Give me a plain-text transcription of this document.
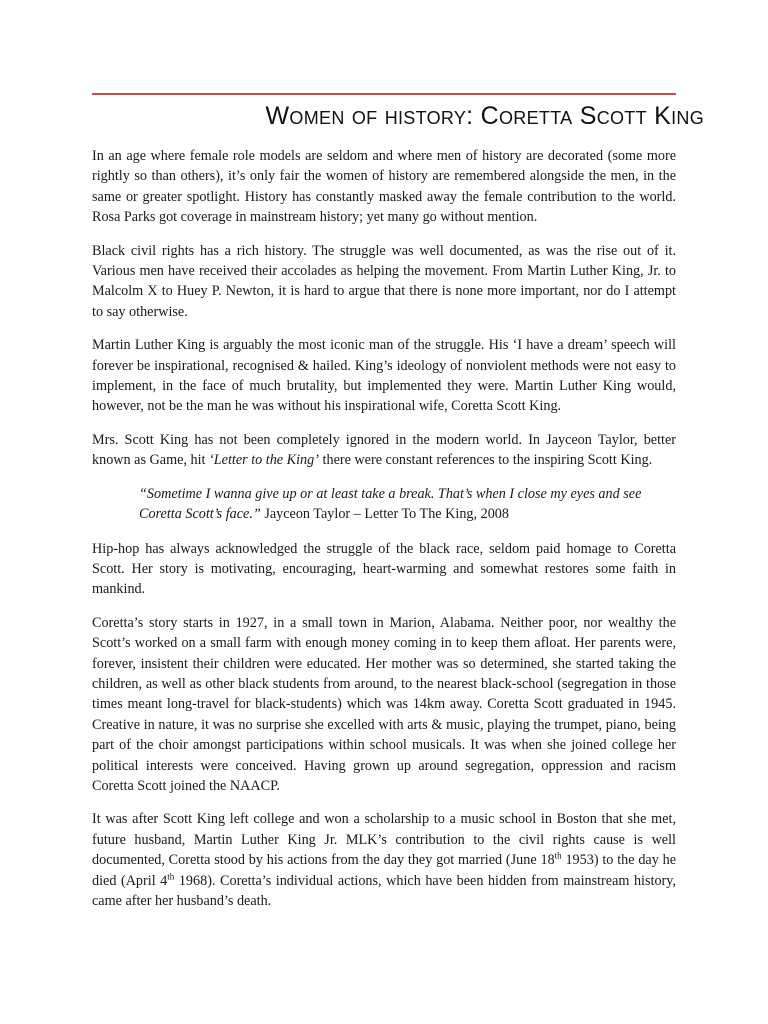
Women of history: Coretta Scott King

In an age where female role models are seldom and where men of history are decorated (some more rightly so than others), it’s only fair the women of history are remembered alongside the men, in the same or greater spotlight. History has constantly masked away the female contribution to the world. Rosa Parks got coverage in mainstream history; yet many go without mention.

Black civil rights has a rich history. The struggle was well documented, as was the rise out of it. Various men have received their accolades as helping the movement. From Martin Luther King, Jr. to Malcolm X to Huey P. Newton, it is hard to argue that there is none more important, nor do I attempt to say otherwise.

Martin Luther King is arguably the most iconic man of the struggle. His ‘I have a dream’ speech will forever be inspirational, recognised & hailed. King’s ideology of nonviolent methods were not easy to implement, in the face of much brutality, but implemented they were. Martin Luther King would, however, not be the man he was without his inspirational wife, Coretta Scott King.

Mrs. Scott King has not been completely ignored in the modern world. In Jayceon Taylor, better known as Game, hit ‘Letter to the King’ there were constant references to the inspiring Scott King.

“Sometime I wanna give up or at least take a break. That’s when I close my eyes and see Coretta Scott’s face.” Jayceon Taylor – Letter To The King, 2008

Hip-hop has always acknowledged the struggle of the black race, seldom paid homage to Coretta Scott. Her story is motivating, encouraging, heart-warming and somewhat restores some faith in mankind.

Coretta’s story starts in 1927, in a small town in Marion, Alabama. Neither poor, nor wealthy the Scott’s worked on a small farm with enough money coming in to keep them afloat. Her parents were, forever, insistent their children were educated. Her mother was so determined, she started taking the children, as well as other black students from around, to the nearest black-school (segregation in those times meant long-travel for black-students) which was 14km away. Coretta Scott graduated in 1945. Creative in nature, it was no surprise she excelled with arts & music, playing the trumpet, piano, being part of the choir amongst participations within school musicals. It was when she joined college her political interests were conceived. Having grown up around segregation, oppression and racism Coretta Scott joined the NAACP.

It was after Scott King left college and won a scholarship to a music school in Boston that she met, future husband, Martin Luther King Jr. MLK’s contribution to the civil rights cause is well documented, Coretta stood by his actions from the day they got married (June 18th 1953) to the day he died (April 4th 1968). Coretta’s individual actions, which have been hidden from mainstream history, came after her husband’s death.
